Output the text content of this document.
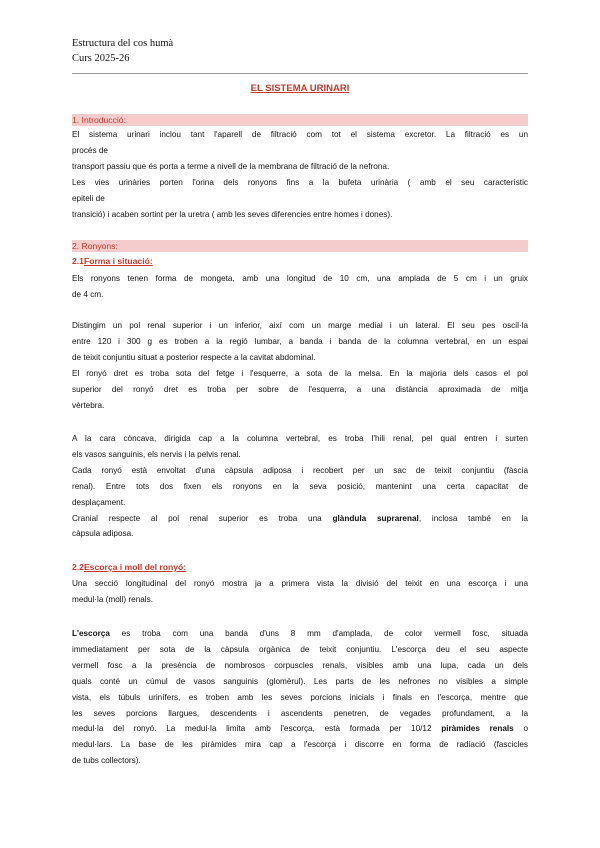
Estructura del cos humà
Curs 2025-26
EL SISTEMA URINARI
1. Introducció:
El sistema urinari inclou tant l'aparell de filtració com tot el sistema excretor. La filtració es un
procés de
transport passiu que és porta a terme a nivell de la membrana de filtració de la nefrona.
Les vies urinàries porten l'orina dels ronyons fins a la bufeta urinària ( amb el seu característic
epiteli de
transició) i acaben sortint per la uretra ( amb les seves diferencies entre homes i dones).
2. Ronyons:
2.1Forma i situació:
Els ronyons tenen forma de mongeta, amb una longitud de 10 cm, una amplada de 5 cm i un gruix
de 4 cm.
Distingim un pol renal superior i un inferior, així com un marge medial i un lateral. El seu pes oscil·la
entre 120 i 300 g es troben a la regió lumbar, a banda i banda de la columna vertebral, en un espai
de teixit conjuntiu situat a posterior respecte a la cavitat abdominal.
El ronyó dret es troba sota del fetge i l'esquerre, a sota de la melsa. En la majoria dels casos el pol
superior del ronyó dret es troba per sobre de l'esquerra, a una distància aproximada de mitja
vèrtebra.
A la cara còncava, dirigida cap a la columna vertebral, es troba l'hili renal, pel qual entren i surten
els vasos sanguinis, els nervis i la pelvis renal.
Cada ronyó està envoltat d'una càpsula adiposa i recobert per un sac de teixit conjuntiu (fàscia
renal). Entre tots dos fixen els ronyons en la seva posició, mantenint una certa capacitat de
desplaçament.
Cranial respecte al pol renal superior es troba una glàndula suprarenal, inclosa també en la
càpsula adiposa.
2.2Escorça i moll del ronyó:
Una secció longitudinal del ronyó mostra ja a primera vista la divisió del teixit en una escorça i una
medul·la (moll) renals.
L'escorça es troba com una banda d'uns 8 mm d'amplada, de color vermell fosc, situada
immediatament per sota de la càpsula orgànica de teixit conjuntiu. L'escorça deu el seu aspecte
vermell fosc a la presència de nombrosos corpuscles renals, visibles amb una lupa, cada un dels
quals conté un cúmul de vasos sanguinis (glomèrul). Les parts de les nefrones no visibles a simple
vista, els túbuls urinífers, es troben amb les seves porcions inicials i finals en l'escorça, mentre que
les seves porcions llargues, descendents i ascendents penetren, de vegades profundament, a la
medul·la del ronyó. La medul·la limita amb l'escorça, està formada per 10/12 piràmides renals o
medul·lars. La base de les piràmides mira cap a l'escorça i discorre en forma de radiació (fascicles
de tubs collectors).
